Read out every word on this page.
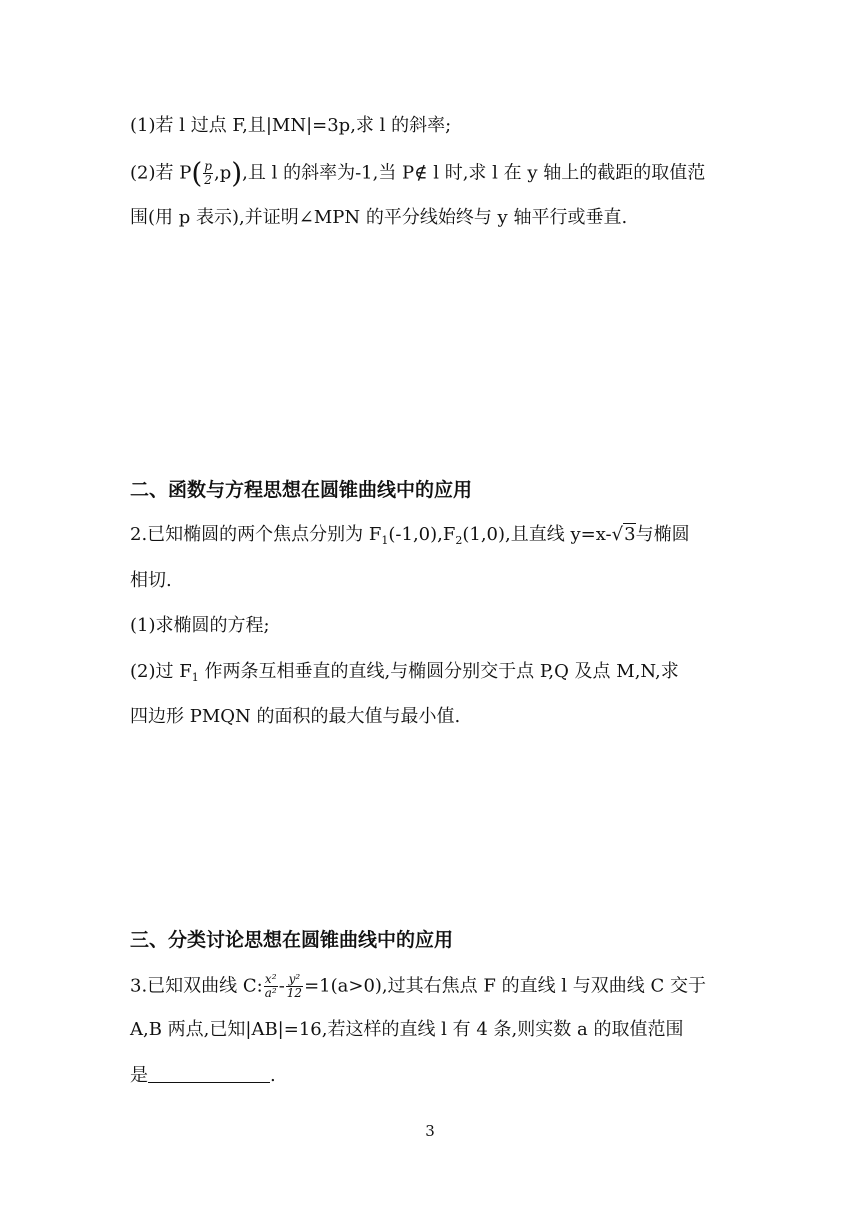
(1)若 l 过点 F,且|MN|=3p,求 l 的斜率;
(2)若 $P( \frac{p}{2} ,p)$,且 l 的斜率为-1,当 P∉ l 时,求 l 在 y 轴上的截距的取值范
围(用 p 表示),并证明∠MPN 的平分线始终与 y 轴平行或垂直.
二、函数与方程思想在圆锥曲线中的应用
2.已知椭圆的两个焦点分别为 $F_1(-1,0),F_2(1,0)$,且直线 y=x-√3与椭圆
相切.
(1)求椭圆的方程;
(2)过 $F_1$ 作两条互相垂直的直线,与椭圆分别交于点 P,Q 及点 M,N,求
四边形 PMQN 的面积的最大值与最小值.
三、分类讨论思想在圆锥曲线中的应用
3.已知双曲线 C: $\frac{\text{x²}}{\text{a²}} - \frac{\text{y²}}{12} =1(a>0)$,过其右焦点 F 的直线 l 与双曲线 C 交于
A,B 两点,已知|AB|=16,若这样的直线 l 有 4 条,则实数 a 的取值范围
是	.
3
